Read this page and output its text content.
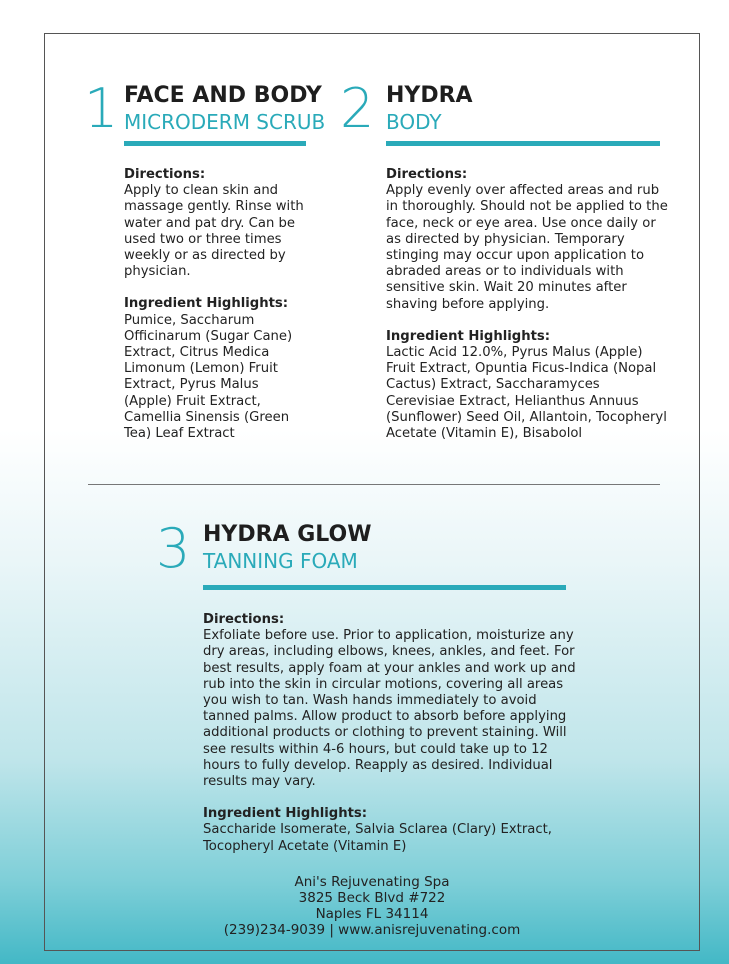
1 FACE AND BODY
MICRODERM SCRUB
Directions:
Apply to clean skin and
massage gently. Rinse with
water and pat dry. Can be
used two or three times
weekly or as directed by
physician.
Ingredient Highlights:
Pumice, Saccharum
Officinarum (Sugar Cane)
Extract, Citrus Medica
Limonum (Lemon) Fruit
Extract, Pyrus Malus
(Apple) Fruit Extract,
Camellia Sinensis (Green
Tea) Leaf Extract
2 HYDRA
BODY
Directions:
Apply evenly over affected areas and rub
in thoroughly. Should not be applied to the
face, neck or eye area. Use once daily or
as directed by physician. Temporary
stinging may occur upon application to
abraded areas or to individuals with
sensitive skin. Wait 20 minutes after
shaving before applying.
Ingredient Highlights:
Lactic Acid 12.0%, Pyrus Malus (Apple)
Fruit Extract, Opuntia Ficus-Indica (Nopal
Cactus) Extract, Saccharamyces
Cerevisiae Extract, Helianthus Annuus
(Sunflower) Seed Oil, Allantoin, Tocopheryl
Acetate (Vitamin E), Bisabolol
3 HYDRA GLOW
TANNING FOAM
Directions:
Exfoliate before use. Prior to application, moisturize any
dry areas, including elbows, knees, ankles, and feet. For
best results, apply foam at your ankles and work up and
rub into the skin in circular motions, covering all areas
you wish to tan. Wash hands immediately to avoid
tanned palms. Allow product to absorb before applying
additional products or clothing to prevent staining. Will
see results within 4-6 hours, but could take up to 12
hours to fully develop. Reapply as desired. Individual
results may vary.
Ingredient Highlights:
Saccharide Isomerate, Salvia Sclarea (Clary) Extract,
Tocopheryl Acetate (Vitamin E)
Ani's Rejuvenating Spa
3825 Beck Blvd #722
Naples FL 34114
(239)234-9039 | www.anisrejuvenating.com
